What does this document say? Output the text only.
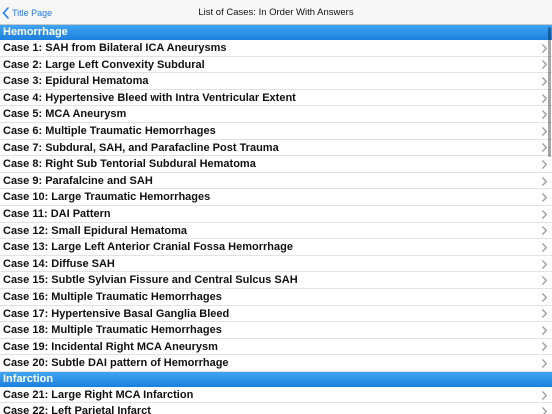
Title Page	List of Cases: In Order With Answers
Hemorrhage
Case 1: SAH from Bilateral ICA Aneurysms
Case 2: Large Left Convexity Subdural
Case 3: Epidural Hematoma
Case 4: Hypertensive Bleed with Intra Ventricular Extent
Case 5: MCA Aneurysm
Case 6: Multiple Traumatic Hemorrhages
Case 7: Subdural, SAH, and Parafacline Post Trauma
Case 8: Right Sub Tentorial Subdural Hematoma
Case 9: Parafalcine and SAH
Case 10: Large Traumatic Hemorrhages
Case 11: DAI Pattern
Case 12: Small Epidural Hematoma
Case 13: Large Left Anterior Cranial Fossa Hemorrhage
Case 14: Diffuse SAH
Case 15: Subtle Sylvian Fissure and Central Sulcus SAH
Case 16: Multiple Traumatic Hemorrhages
Case 17: Hypertensive Basal Ganglia Bleed
Case 18: Multiple Traumatic Hemorrhages
Case 19: Incidental Right MCA Aneurysm
Case 20: Subtle DAI pattern of Hemorrhage
Infarction
Case 21: Large Right MCA Infarction
Case 22: Left Parietal Infarct
